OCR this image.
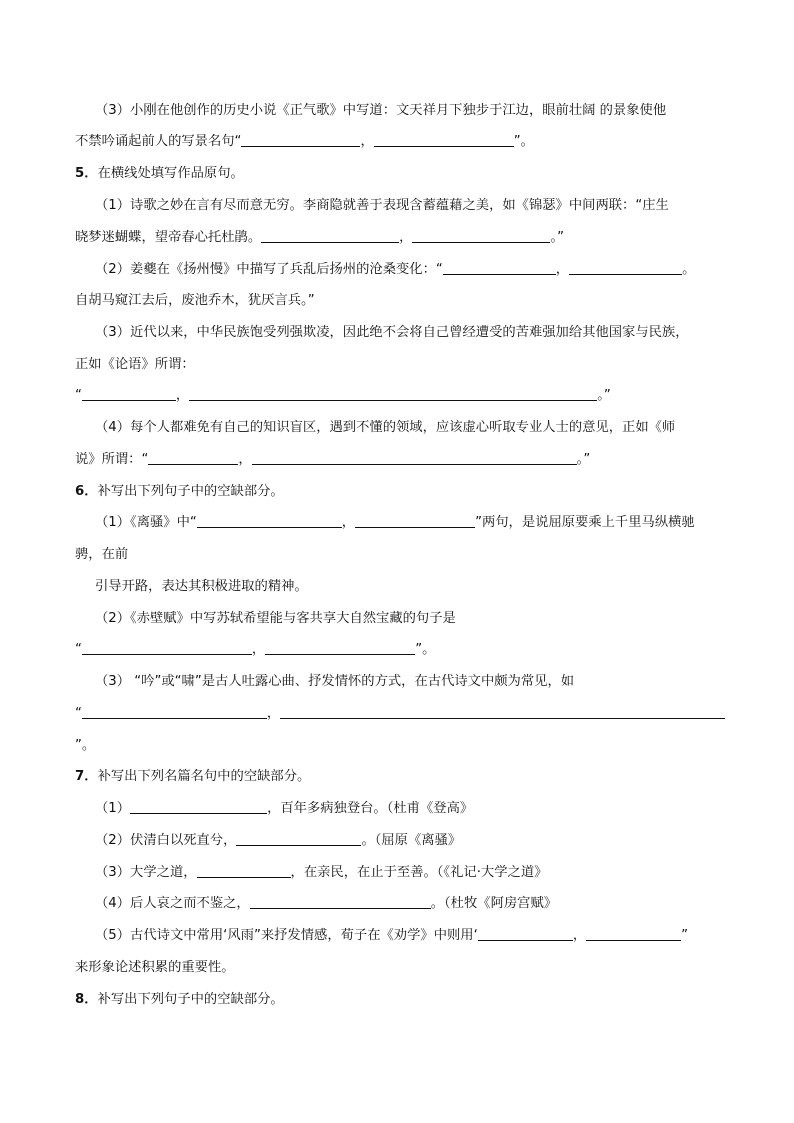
（3）小刚在他创作的历史小说《正气歌》中写道：文天祥月下独步于江边，眼前壮阔 的景象使他
不禁吟诵起前人的写景名句“	，	”。
5．在横线处填写作品原句。
（1）诗歌之妙在言有尽而意无穷。李商隐就善于表现含蓄蕴藉之美，如《锦瑟》中间两联：“庄生
晓梦迷蝴蝶，望帝春心托杜鹃。	，	。”
（2）姜夔在《扬州慢》中描写了兵乱后扬州的沧桑变化：“	，	。
自胡马窥江去后，废池乔木，犹厌言兵。”
（3）近代以来，中华民族饱受列强欺凌，因此绝不会将自己曾经遭受的苦难强加给其他国家与民族，
正如《论语》所谓：
“	，	。”
（4）每个人都难免有自己的知识盲区，遇到不懂的领域，应该虚心听取专业人士的意见，正如《师
说》所谓：“	，	。”
6．补写出下列句子中的空缺部分。
（1）《离骚》中“	，	”两句，是说屈原要乘上千里马纵横驰
骋，在前
引导开路，表达其积极进取的精神。
（2）《赤壁赋》中写苏轼希望能与客共享大自然宝藏的句子是
“	，	”。
（3） “吟”或“啸”是古人吐露心曲、抒发情怀的方式，在古代诗文中颇为常见，如
“	，
”。
7．补写出下列名篇名句中的空缺部分。
（1）	，百年多病独登台。（杜甫《登高》
（2）伏清白以死直兮，	。（屈原《离骚》
（3）大学之道，	，在亲民，在止于至善。（《礼记·大学之道》
（4）后人哀之而不鉴之，	。（杜牧《阿房宫赋》
（5）古代诗文中常用‘风雨”来抒发情感，荀子在《劝学》中则用‘	，	”
来形象论述积累的重要性。
8．补写出下列句子中的空缺部分。
